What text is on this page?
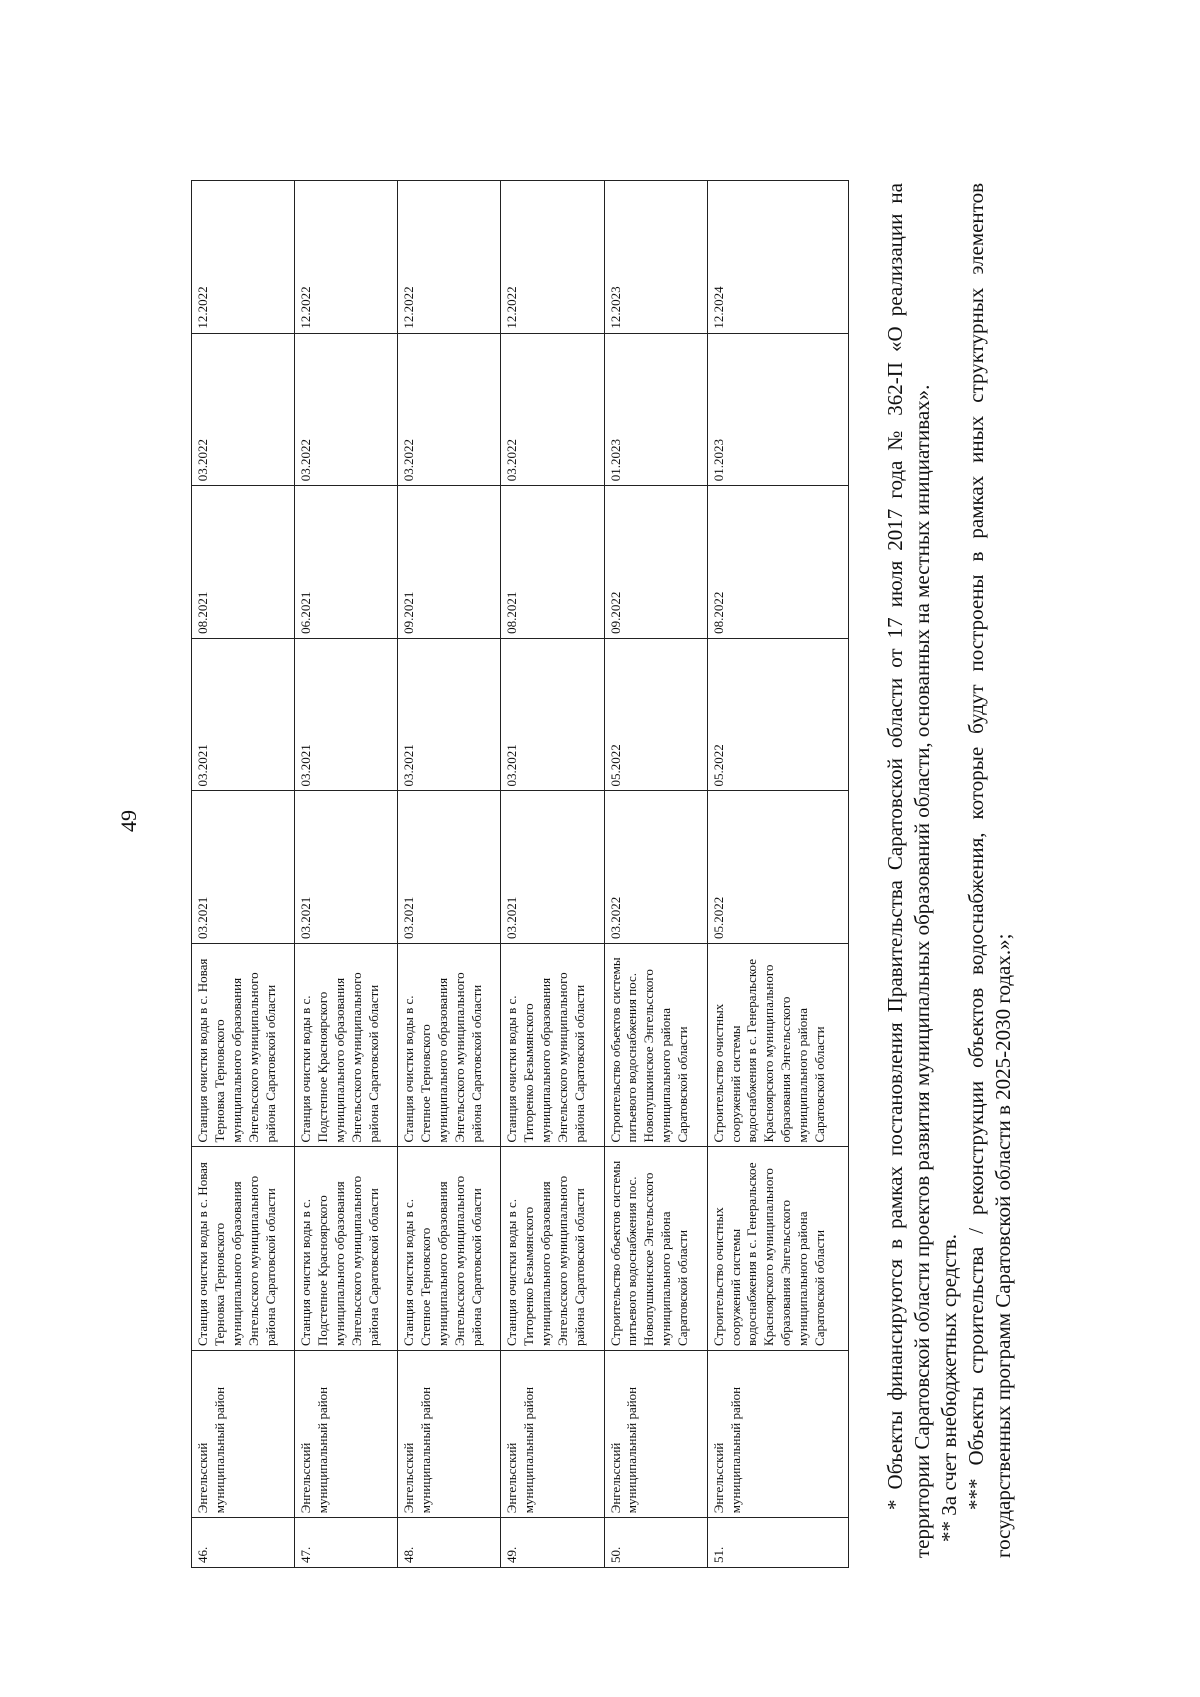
49
46.	Энгельсский муниципальный район	Станция очистки воды в с. Новая Терновка Терновского муниципального образования Энгельсского муниципального района Саратовской области	Станция очистки воды в с. Новая Терновка Терновского муниципального образования Энгельсского муниципального района Саратовской области	03.2021	03.2021	08.2021	03.2022	12.2022
47.	Энгельсский муниципальный район	Станция очистки воды в с. Подстепное Красноярского муниципального образования Энгельсского муниципального района Саратовской области	Станция очистки воды в с. Подстепное Красноярского муниципального образования Энгельсского муниципального района Саратовской области	03.2021	03.2021	06.2021	03.2022	12.2022
48.	Энгельсский муниципальный район	Станция очистки воды в с. Степное Терновского муниципального образования Энгельсского муниципального района Саратовской области	Станция очистки воды в с. Степное Терновского муниципального образования Энгельсского муниципального района Саратовской области	03.2021	03.2021	09.2021	03.2022	12.2022
49.	Энгельсский муниципальный район	Станция очистки воды в с. Титоренко Безымянского муниципального образования Энгельсского муниципального района Саратовской области	Станция очистки воды в с. Титоренко Безымянского муниципального образования Энгельсского муниципального района Саратовской области	03.2021	03.2021	08.2021	03.2022	12.2022
50.	Энгельсский муниципальный район	Строительство объектов системы питьевого водоснабжения пос. Новопушкинское Энгельсского муниципального района Саратовской области	Строительство объектов системы питьевого водоснабжения пос. Новопушкинское Энгельсского муниципального района Саратовской области	03.2022	05.2022	09.2022	01.2023	12.2023
51.	Энгельсский муниципальный район	Строительство очистных сооружений системы водоснабжения в с. Генеральское Красноярского муниципального образования Энгельсского муниципального района Саратовской области	Строительство очистных сооружений системы водоснабжения в с. Генеральское Красноярского муниципального образования Энгельсского муниципального района Саратовской области	05.2022	05.2022	08.2022	01.2023	12.2024	* Объекты финансируются в рамках постановления Правительства Саратовской области от 17 июля 2017 года № 362-П «О реализации на территории Саратовской области проектов развития муниципальных образований области, основанных на местных инициативах». ** За счет внебюджетных средств. *** Объекты строительства / реконструкции объектов водоснабжения, которые будут построены в рамках иных структурных элементов государственных программ Саратовской области в 2025-2030 годах.»;
